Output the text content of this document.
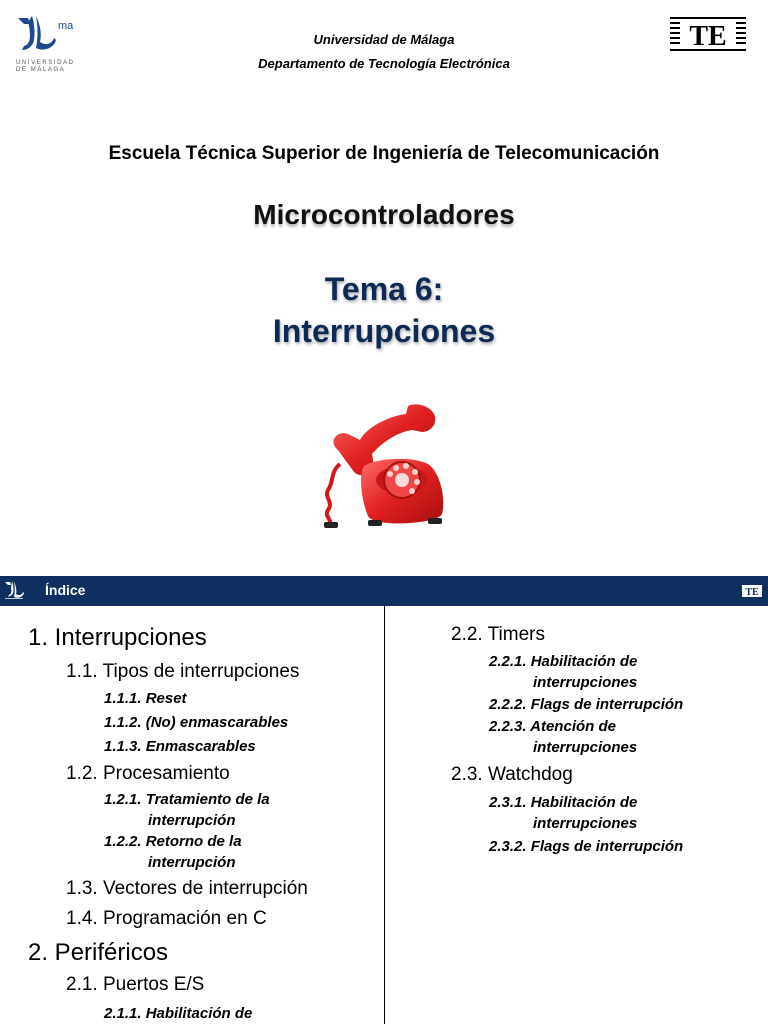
ma
UNIVERSIDAD
DE MÁLAGA
Universidad de Málaga
Departamento de Tecnología Electrónica
TE
Escuela Técnica Superior de Ingeniería de Telecomunicación
Microcontroladores
Tema 6:
Interrupciones
Índice	TE
1. Interrupciones
1.1. Tipos de interrupciones
1.1.1. Reset
1.1.2. (No) enmascarables
1.1.3. Enmascarables
1.2. Procesamiento
1.2.1. Tratamiento de la
interrupción
1.2.2. Retorno de la
interrupción
1.3. Vectores de interrupción
1.4. Programación en C
2. Periféricos
2.1. Puertos E/S
2.1.1. Habilitación de
2.2. Timers
2.2.1. Habilitación de
interrupciones
2.2.2. Flags de interrupción
2.2.3. Atención de
interrupciones
2.3. Watchdog
2.3.1. Habilitación de
interrupciones
2.3.2. Flags de interrupción
